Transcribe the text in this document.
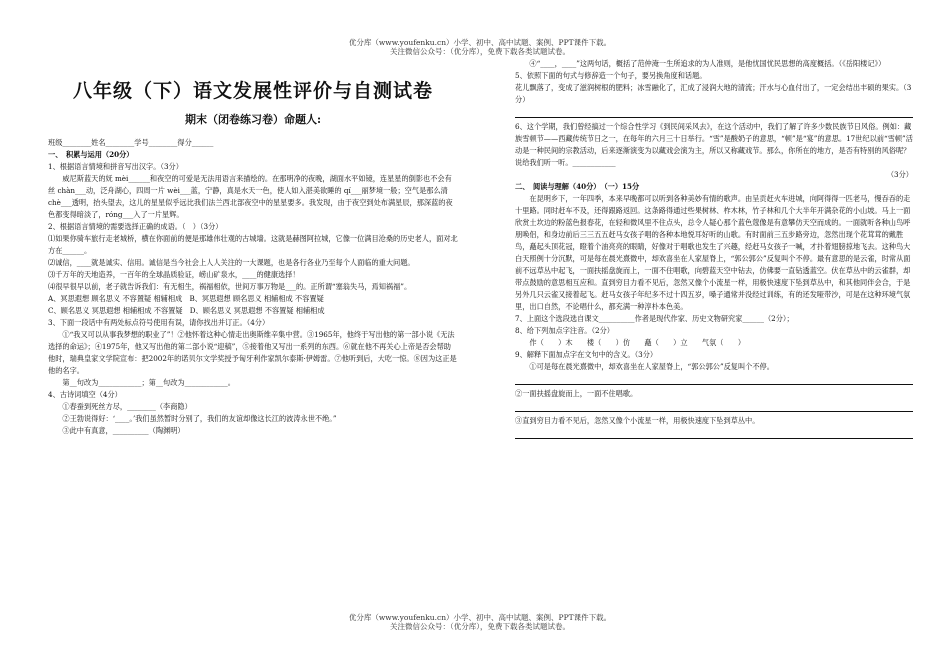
优分库（www.youfenku.cn）小学、初中、高中试题、案例、PPT课件下载。
关注微信公众号：（优分库），免费下载各类试题试卷。
八年级（下）语文发展性评价与自测试卷
期末（闭卷练习卷）命题人:

班级________姓名________学号________得分______

一、　积累与运用（20分）

1、根据语言情境和拼音写出汉字。（3分）

威尼斯蓝天的妩 mèi______和夜空的可爱是无法用语言来描绘的。在那明净的夜晚，湖面水平如镜，连星星的倒影也不会有丝 chàn___动，泛舟湖心，四周一片 wèi___蓝，宁静，真是水天一色，使人如入湛美欲睡的 qí___丽梦境一般；空气是那么清 chè___透明，抬头望去，这儿的星星似乎远比我们法兰西北部夜空中的星星要多。我发现，由于夜空到处布满星辰，那深蓝的夜色都变得暗淡了，róng___入了一片星辉。

2、根据语言情境的需要选择正确的成语。（　）（3分）

⑴如果你骑车旅行走老城桥，横在你面前的便是那雄伟壮观的古城墙。这就是赫图阿拉城，它像一位满目沧桑的历史老人，面对北方在______。

⑵诚信，____就是诚实、信用。诚信是当今社会上人人关注的一大课题，也是各行各业乃至每个人面临的重大问题。

⑶千万年的天地造养，一百年的全球晶质验证，崂山矿泉水，____的健康选择！

⑷很早很早以前，老子就告诉我们：有无相生，祸福相依，世间万事万物是___的。正所谓“塞翁失马，焉知祸福”。

A、冥思遐想 顾名思义 不容置疑 相辅相成　 B、冥思遐想 顾名思义 相辅相成 不容置疑

C、顾名思义 冥思遐想 相辅相成 不容置疑　 D、顾名思义 冥思遐想 不容置疑 相辅相成

3、下面一段话中有两处标点符号使用有误，请你找出并订正。（4分）

①“我又可以从事我梦想的职业了”！②他怀着这种心情走出奥斯维辛集中营。③1965年，他终于写出他的第一部小说《无法选择的命运》；④1975年，他又写出他的第二部小说“迎稿”，⑤接着他又写出一系列的东西。⑥就在他不再关心上帝是否会帮助他时，瑞典皇家文学院宣布：把2002年的诺贝尔文学奖授予匈牙利作家凯尔泰斯·伊姆雷。⑦他听到后，大吃一惊。⑧因为这正是他的名字。

第__句改为____________；第__句改为____________。

4、古诗词填空（4分）

①春蚕到死丝方尽，________（李商隐）

②王勃说得好：‘____。’我们虽然暂时分别了，我们的友谊却像这长江的波涛永世不绝。”

③此中有真意，__________（陶渊明）

④“____，____”这两句话，概括了范仲淹一生所追求的为人准则，是他忧国忧民思想的高度概括。（《岳阳楼记》）

5、依照下面的句式与修辞造一个句子，要另换角度和话题。

花儿飘落了，变成了滋润树根的肥料；冰雪融化了，汇成了浸润大地的清流；汗水与心血付出了，一定会结出丰硕的果实。（3分）

6、这个学期，我们曾经搞过一个综合性学习《到民间采风去》，在这个活动中，我们了解了许多少数民族节日风俗。例如：藏族雪顿节——西藏传统节日之一，在每年的六月三十日举行。“雪”是酸奶子的意思，“顿”是“宴”的意思。17世纪以前“雪顿”活动是一种民间的宗教活动，后来逐渐演变为以藏戏会演为主，所以又称藏戏节。那么，你所在的地方，是否有特别的风俗呢？说给我们听一听。____________

（3分）

二、　阅读与理解（40分）　 （一）15分

在昆明乡下，一年四季，本来早晚都可以听到各种美妙有情的歌声。由呈贡赶火车进城，向阿得得一匹老马，慢吞吞的走十里路。同时赶车不及，还得跟路返回。这条路得通过些果树林、柞木林，竹子林和几个大半年开满杂花的小山坡。马上一面欣赏土坎边的粉蓝色报春花，在轻和微风里不住点头，总令人疑心那个蓝色蔻像是有意攀仿天空而成的。一面就听各种山鸟呼朋唤侣，和身边前后三三五五赶马女孩子唱的各种本地悦耳好听的山歌。有时面前三五步路旁边，忽然出现个花茸茸的戴胜鸟，矗起头顶花冠，瞪着个油亮亮的眼睛，好像对于唱歌也发生了兴趣，经赶马女孩子一喊，才扑着翅膀掠地飞去。这种鸟大白天照例十分沉默，可是每在晨光熹微中，却欢喜坐在人家屋脊上，“郭公郭公”反复叫个不停。最有意思的是云雀，时常从面前不远草丛中起飞，一面扶摇盘旋而上，一面不住唱歌，向碧蓝天空中钻去，仿佛要一直钻透蓝空。伏在草丛中的云雀群，却带点鼓励的意思相互应和。直到穷目力看不见后，忽然又像个小流星一样，用极快速度下坠到草丛中，和其他同伴会合，于是另外几只云雀又接着起飞。赶马女孩子年纪多不过十四五岁，嗓子通常并没经过训练，有的还发哑带沙，可是在这种环境气氛里，出口自然，不论唱什么，都充满一种淳朴本色美。

7、上面这个选段选自课文__________作者是现代作家、历史文物研究家______（2分）；

8、给下列加点字注音。（2分）

作（　　）木　　楼（　　）仿　　矗（　　）立　　气氛（　　）

9、解释下面加点字在文句中的含义。（3分）

①可是每在晨光熹微中，却欢喜坐在人家屋脊上，“郭公郭公”反复叫个不停。

②一面扶摇盘旋而上，一面不住唱歌。

③直到穷目力看不见后，忽然又像个小流星一样，用极快速度下坠到草丛中。

优分库（www.youfenku.cn）小学、初中、高中试题、案例、PPT课件下载。
关注微信公众号：（优分库），免费下载各类试题试卷。
